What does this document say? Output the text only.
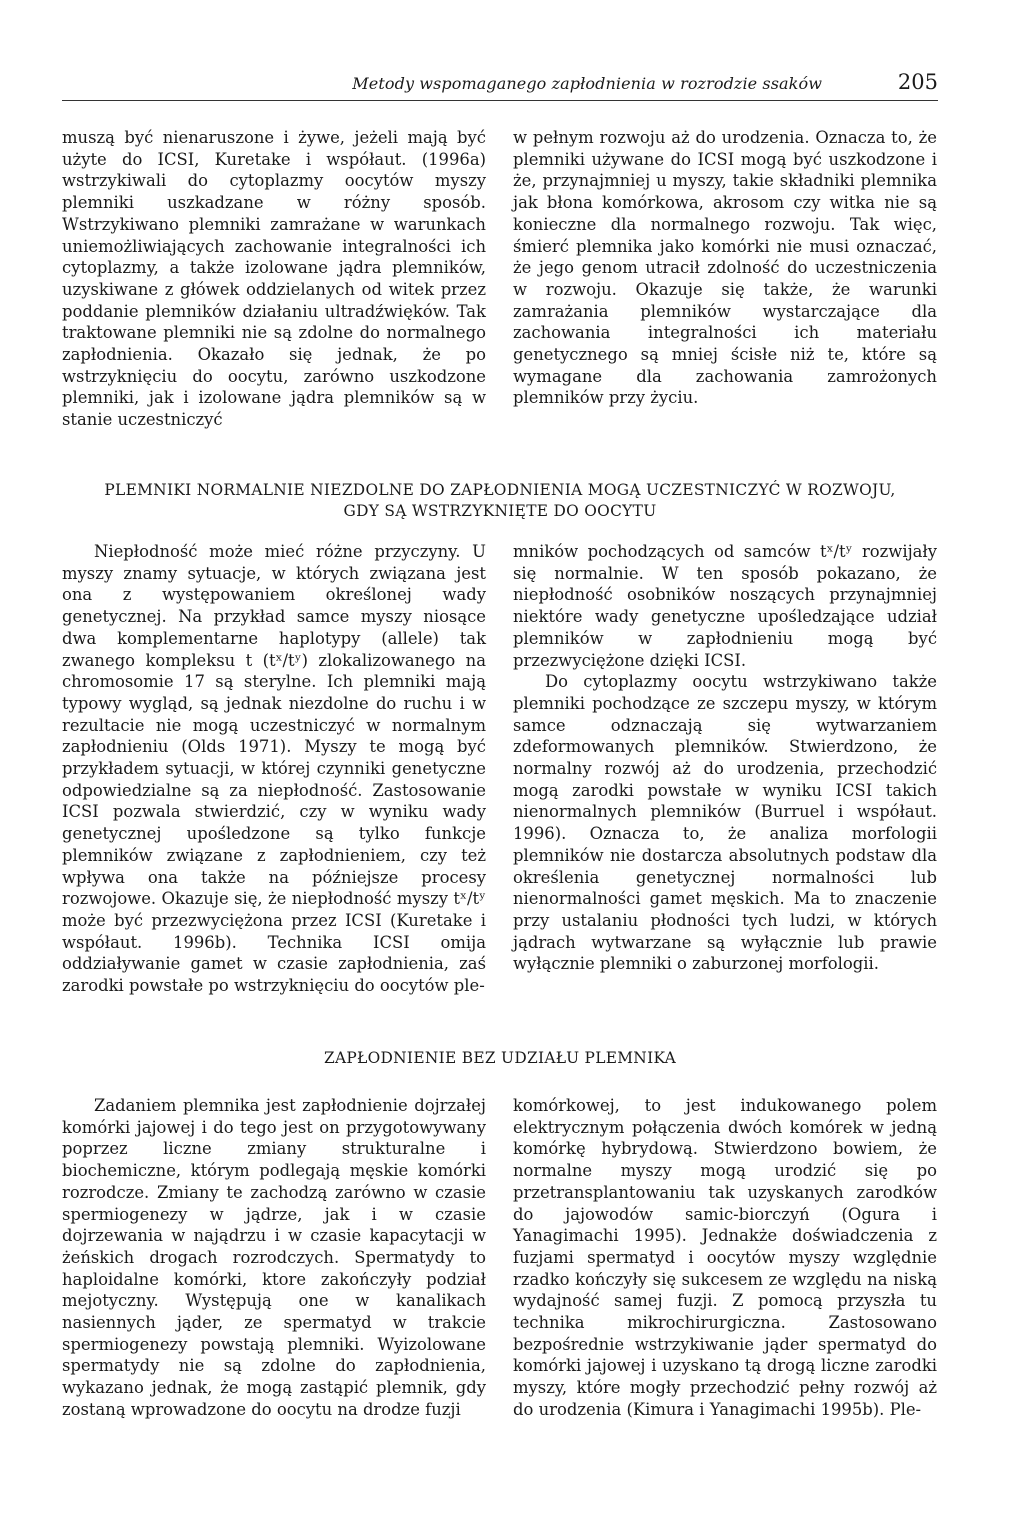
Metody wspomaganego zapłodnienia w rozrodzie ssaków	205

muszą być nienaruszone i żywe, jeżeli mają być użyte do ICSI, Kuretake i współaut. (1996a) wstrzykiwali do cytoplazmy oocytów myszy plemniki uszkadzane w różny sposób. Wstrzykiwano plemniki zamrażane w warunkach uniemożliwiających zachowanie integralności ich cytoplazmy, a także izolowane jądra plemników, uzyskiwane z główek oddzielanych od witek przez poddanie plemników działaniu ultradźwięków. Tak traktowane plemniki nie są zdolne do normalnego zapłodnienia. Okazało się jednak, że po wstrzyknięciu do oocytu, zarówno uszkodzone plemniki, jak i izolowane jądra plemników są w stanie uczestniczyć

w pełnym rozwoju aż do urodzenia. Oznacza to, że plemniki używane do ICSI mogą być uszkodzone i że, przynajmniej u myszy, takie składniki plemnika jak błona komórkowa, akrosom czy witka nie są konieczne dla normalnego rozwoju. Tak więc, śmierć plemnika jako komórki nie musi oznaczać, że jego genom utracił zdolność do uczestniczenia w rozwoju. Okazuje się także, że warunki zamrażania plemników wystarczające dla zachowania integralności ich materiału genetycznego są mniej ścisłe niż te, które są wymagane dla zachowania zamrożonych plemników przy życiu.

PLEMNIKI NORMALNIE NIEZDOLNE DO ZAPŁODNIENIA MOGĄ UCZESTNICZYĆ W ROZWOJU,
GDY SĄ WSTRZYKNIĘTE DO OOCYTU

Niepłodność może mieć różne przyczyny. U myszy znamy sytuacje, w których związana jest ona z występowaniem określonej wady genetycznej. Na przykład samce myszy niosące dwa komplementarne haplotypy (allele) tak zwanego kompleksu t (tˣ/tʸ) zlokalizowanego na chromosomie 17 są sterylne. Ich plemniki mają typowy wygląd, są jednak niezdolne do ruchu i w rezultacie nie mogą uczestniczyć w normalnym zapłodnieniu (Olds 1971). Myszy te mogą być przykładem sytuacji, w której czynniki genetyczne odpowiedzialne są za niepłodność. Zastosowanie ICSI pozwala stwierdzić, czy w wyniku wady genetycznej upośledzone są tylko funkcje plemników związane z zapłodnieniem, czy też wpływa ona także na późniejsze procesy rozwojowe. Okazuje się, że niepłodność myszy tˣ/tʸ może być przezwyciężona przez ICSI (Kuretake i współaut. 1996b). Technika ICSI omija oddziaływanie gamet w czasie zapłodnienia, zaś zarodki powstałe po wstrzyknięciu do oocytów ple-

mników pochodzących od samców tˣ/tʸ rozwijały się normalnie. W ten sposób pokazano, że niepłodność osobników noszących przynajmniej niektóre wady genetyczne upośledzające udział plemników w zapłodnieniu mogą być przezwyciężone dzięki ICSI.

Do cytoplazmy oocytu wstrzykiwano także plemniki pochodzące ze szczepu myszy, w którym samce odznaczają się wytwarzaniem zdeformowanych plemników. Stwierdzono, że normalny rozwój aż do urodzenia, przechodzić mogą zarodki powstałe w wyniku ICSI takich nienormalnych plemników (Burruel i współaut. 1996). Oznacza to, że analiza morfologii plemników nie dostarcza absolutnych podstaw dla określenia genetycznej normalności lub nienormalności gamet męskich. Ma to znaczenie przy ustalaniu płodności tych ludzi, w których jądrach wytwarzane są wyłącznie lub prawie wyłącznie plemniki o zaburzonej morfologii.

ZAPŁODNIENIE BEZ UDZIAŁU PLEMNIKA

Zadaniem plemnika jest zapłodnienie dojrzałej komórki jajowej i do tego jest on przygotowywany poprzez liczne zmiany strukturalne i biochemiczne, którym podlegają męskie komórki rozrodcze. Zmiany te zachodzą zarówno w czasie spermiogenezy w jądrze, jak i w czasie dojrzewania w najądrzu i w czasie kapacytacji w żeńskich drogach rozrodczych. Spermatydy to haploidalne komórki, ktore zakończyły podział mejotyczny. Występują one w kanalikach nasiennych jąder, ze spermatyd w trakcie spermiogenezy powstają plemniki. Wyizolowane spermatydy nie są zdolne do zapłodnienia, wykazano jednak, że mogą zastąpić plemnik, gdy zostaną wprowadzone do oocytu na drodze fuzji

komórkowej, to jest indukowanego polem elektrycznym połączenia dwóch komórek w jedną komórkę hybrydową. Stwierdzono bowiem, że normalne myszy mogą urodzić się po przetransplantowaniu tak uzyskanych zarodków do jajowodów samic-biorczyń (Ogura i Yanagimachi 1995). Jednakże doświadczenia z fuzjami spermatyd i oocytów myszy względnie rzadko kończyły się sukcesem ze względu na niską wydajność samej fuzji. Z pomocą przyszła tu technika mikrochirurgiczna. Zastosowano bezpośrednie wstrzykiwanie jąder spermatyd do komórki jajowej i uzyskano tą drogą liczne zarodki myszy, które mogły przechodzić pełny rozwój aż do urodzenia (Kimura i Yanagimachi 1995b). Ple-
